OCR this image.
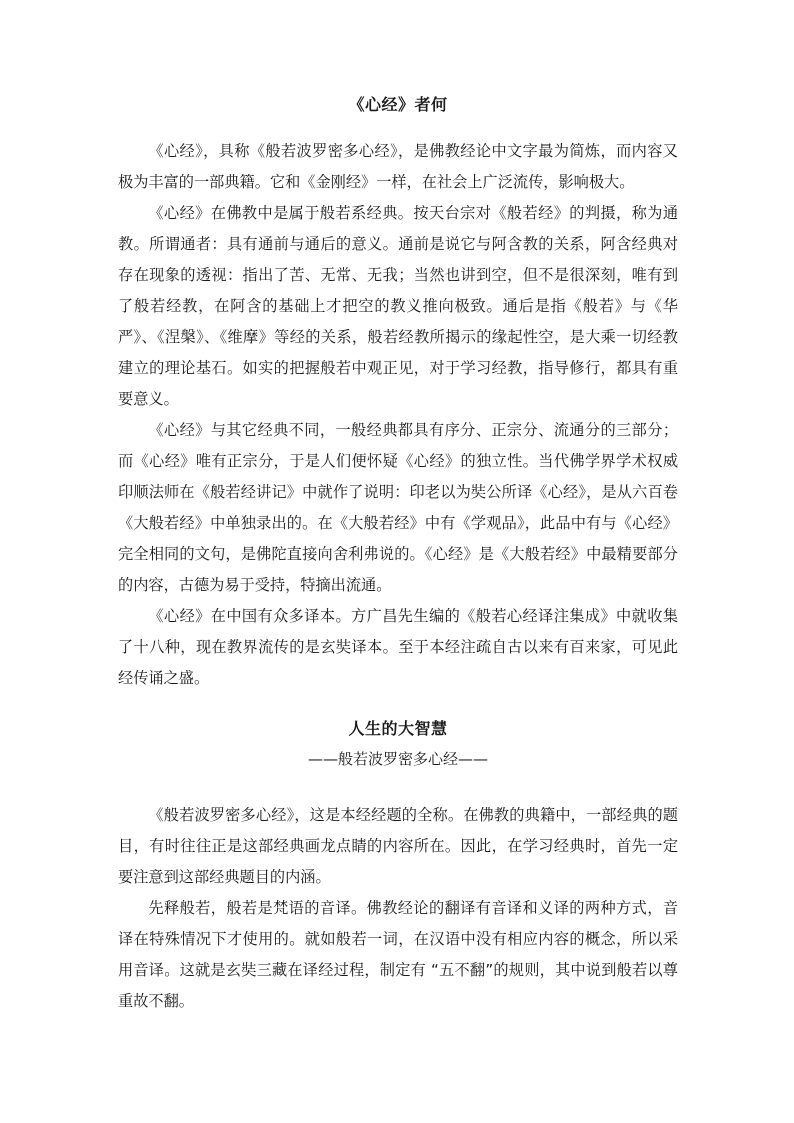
《心经》者何

《心经》，具称《般若波罗密多心经》，是佛教经论中文字最为简炼，而内容又极为丰富的一部典籍。它和《金刚经》一样，在社会上广泛流传，影响极大。

《心经》在佛教中是属于般若系经典。按天台宗对《般若经》的判摄，称为通教。所谓通者：具有通前与通后的意义。通前是说它与阿含教的关系，阿含经典对存在现象的透视：指出了苦、无常、无我；当然也讲到空，但不是很深刻，唯有到了般若经教，在阿含的基础上才把空的教义推向极致。通后是指《般若》与《华严》、《涅槃》、《维摩》等经的关系，般若经教所揭示的缘起性空，是大乘一切经教建立的理论基石。如实的把握般若中观正见，对于学习经教，指导修行，都具有重要意义。

《心经》与其它经典不同，一般经典都具有序分、正宗分、流通分的三部分；而《心经》唯有正宗分，于是人们便怀疑《心经》的独立性。当代佛学界学术权威印顺法师在《般若经讲记》中就作了说明：印老以为奘公所译《心经》，是从六百卷《大般若经》中单独录出的。在《大般若经》中有《学观品》，此品中有与《心经》完全相同的文句，是佛陀直接向舍利弗说的。《心经》是《大般若经》中最精要部分的内容，古德为易于受持，特摘出流通。

《心经》在中国有众多译本。方广昌先生编的《般若心经译注集成》中就收集了十八种，现在教界流传的是玄奘译本。至于本经注疏自古以来有百来家，可见此经传诵之盛。

人生的大智慧
——般若波罗密多心经——

《般若波罗密多心经》，这是本经经题的全称。在佛教的典籍中，一部经典的题目，有时往往正是这部经典画龙点睛的内容所在。因此，在学习经典时，首先一定要注意到这部经典题目的内涵。

先释般若，般若是梵语的音译。佛教经论的翻译有音译和义译的两种方式，音译在特殊情况下才使用的。就如般若一词，在汉语中没有相应内容的概念，所以采用音译。这就是玄奘三藏在译经过程，制定有 “五不翻”的规则，其中说到般若以尊重故不翻。
